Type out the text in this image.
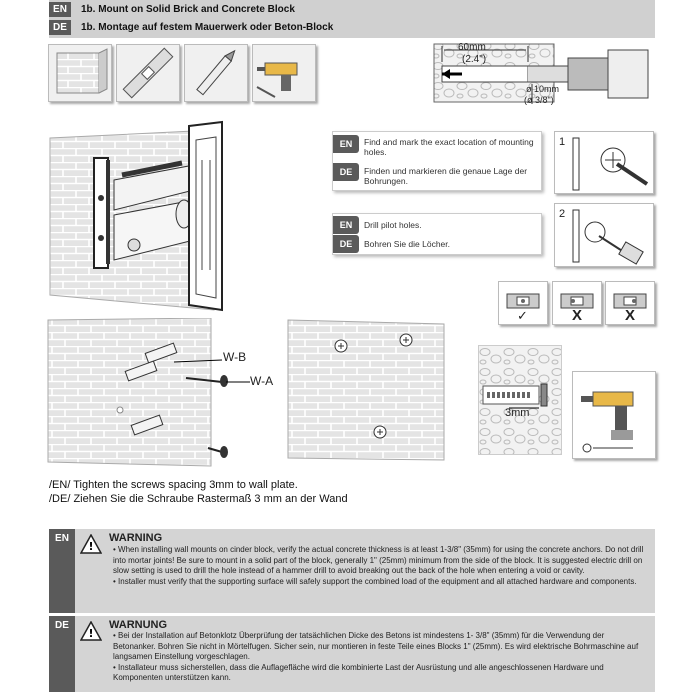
EN	1b. Mount on Solid Brick and Concrete Block
DE	1b. Montage auf festem Mauerwerk oder Beton-Block
60mm
(2.4")
ø 10mm
(ø 3/8")
EN	Find and mark the exact location of mounting holes.
DE	Finden und markieren die genaue Lage der Bohrungen.
1
EN	Drill pilot holes.
DE	Bohren Sie die Löcher.
2
✓	X	X
W-B
W-A
3mm
/EN/ Tighten the screws spacing 3mm to wall plate.
/DE/ Ziehen Sie die Schraube Rastermaß 3 mm an der Wand
EN
!
WARNING

• When installing wall mounts on cinder block, verify the actual concrete thickness is at least 1-3/8" (35mm) for using the concrete anchors. Do not drill into mortar joints! Be sure to mount in a solid part of the block, generally 1" (25mm) minimum from the side of the block. It is suggested electric drill on slow setting is used to drill the hole instead of a hammer drill to avoid breaking out the back of the hole when entering a void or cavity.

• Installer must verify that the supporting surface will safely support the combined load of the equipment and all attached hardware and components.

DE
!
WARNUNG

• Bei der Installation auf Betonklotz Überprüfung der tatsächlichen Dicke des Betons ist mindestens 1- 3/8" (35mm) für die Verwendung der Betonanker. Bohren Sie nicht in Mörtelfugen. Sicher sein, nur montieren in feste Teile eines Blocks 1" (25mm). Es wird elektrische Bohrmaschine auf langsamen Einstellung vorgeschlagen.

• Installateur muss sicherstellen, dass die Auflagefläche wird die kombinierte Last der Ausrüstung und alle angeschlossenen Hardware und Komponenten unterstützen kann.
